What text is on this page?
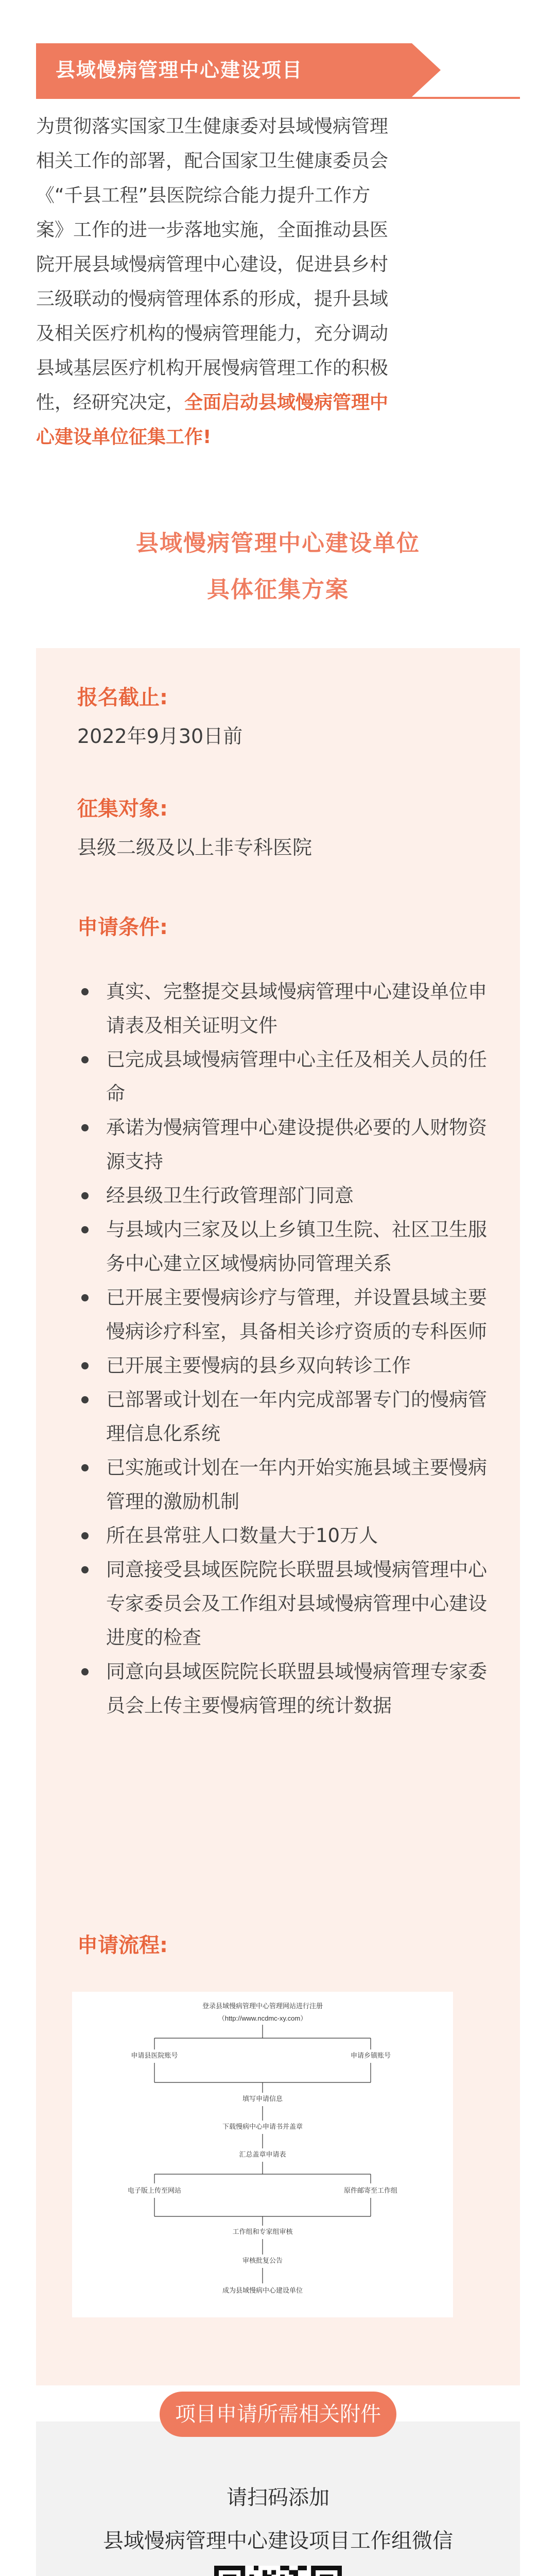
县域慢病管理中心建设项目
为贯彻落实国家卫生健康委对县域慢病管理
相关工作的部署，配合国家卫生健康委员会
《“千县工程”县医院综合能力提升工作方
案》工作的进一步落地实施，全面推动县医
院开展县域慢病管理中心建设，促进县乡村
三级联动的慢病管理体系的形成，提升县域
及相关医疗机构的慢病管理能力，充分调动
县域基层医疗机构开展慢病管理工作的积极
性，经研究决定，全面启动县域慢病管理中
心建设单位征集工作!
县域慢病管理中心建设单位
具体征集方案
报名截止:
2022年9月30日前
征集对象:
县级二级及以上非专科医院
申请条件:
真实、完整提交县域慢病管理中心建设单位申请表及相关证明文件
已完成县域慢病管理中心主任及相关人员的任命
承诺为慢病管理中心建设提供必要的人财物资源支持
经县级卫生行政管理部门同意
与县域内三家及以上乡镇卫生院、社区卫生服务中心建立区域慢病协同管理关系
已开展主要慢病诊疗与管理，并设置县域主要慢病诊疗科室，具备相关诊疗资质的专科医师
已开展主要慢病的县乡双向转诊工作
已部署或计划在一年内完成部署专门的慢病管理信息化系统
已实施或计划在一年内开始实施县域主要慢病管理的激励机制
所在县常驻人口数量大于10万人
同意接受县域医院院长联盟县域慢病管理中心专家委员会及工作组对县域慢病管理中心建设进度的检查
同意向县域医院院长联盟县域慢病管理专家委员会上传主要慢病管理的统计数据
申请流程:
登录县域慢病管理中心管理网站进行注册
（http://www.ncdmc-xy.com）
申请县医院账号	申请乡镇账号
填写申请信息
下载慢病中心申请书并盖章
汇总盖章申请表
电子版上传至网站	原件邮寄至工作组
工作组和专家组审核
审核批复公告
成为县域慢病中心建设单位
请扫码添加
县域慢病管理中心建设项目工作组微信
项目申请所需相关附件
